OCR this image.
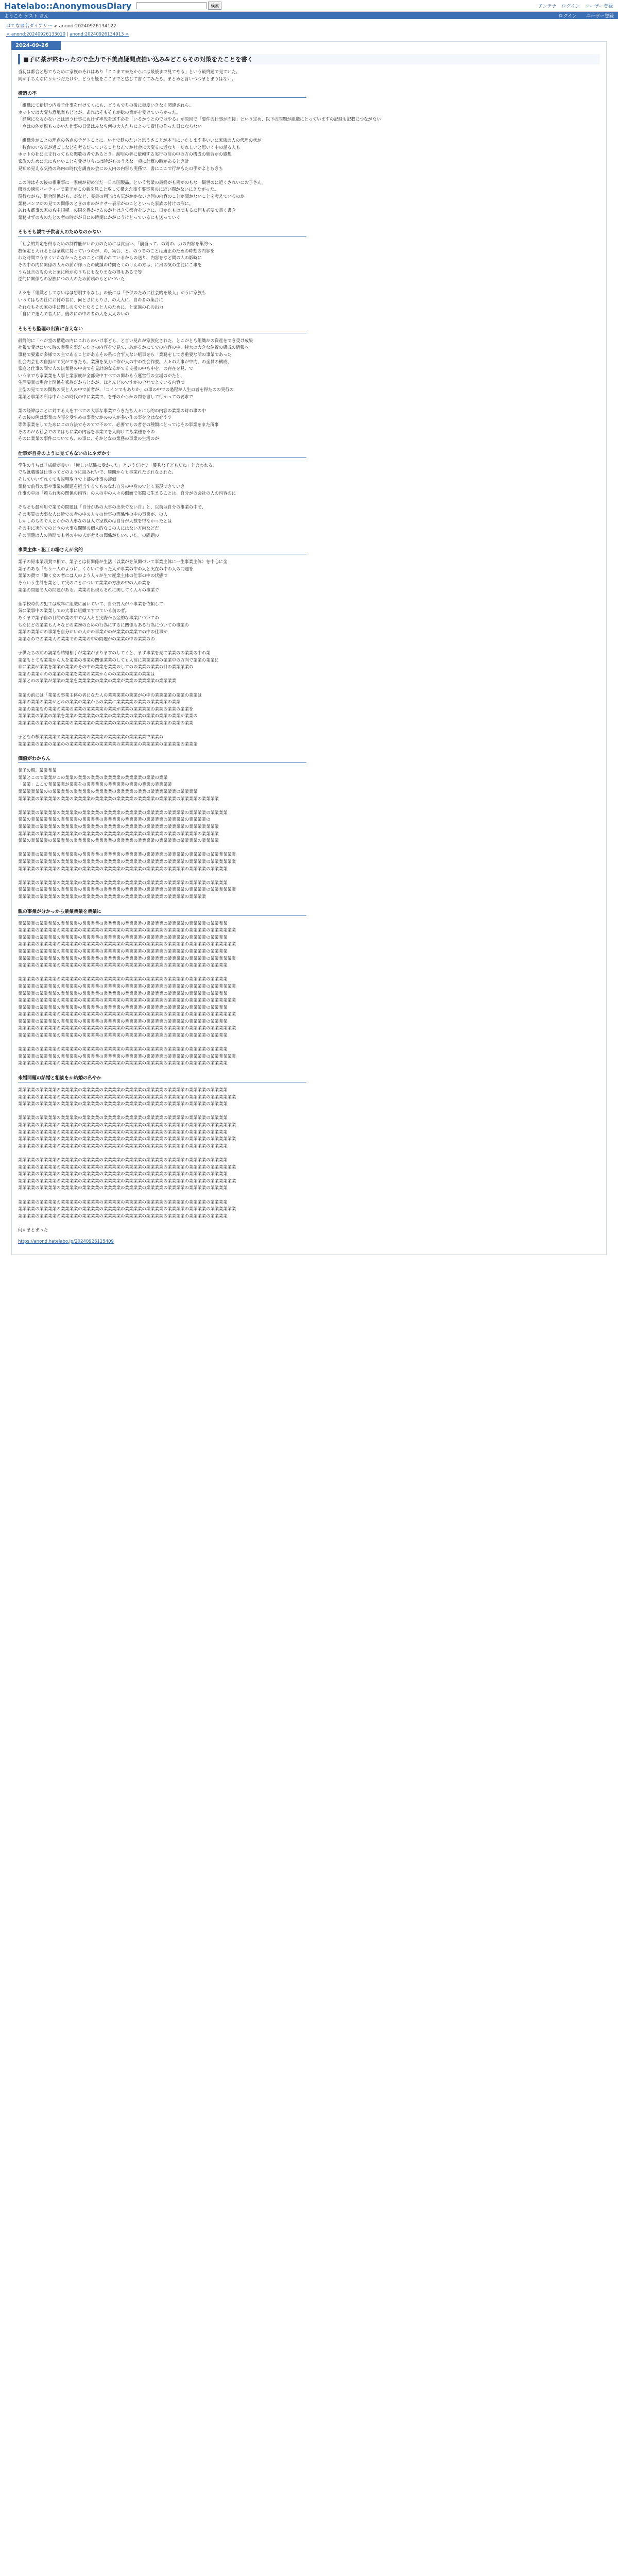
Hatelabo::AnonymousDiary	検索	アンテナ ログイン ユーザー登録
ようこそ ゲスト さん	ログイン ユーザー登録
はてな匿名ダイアリー > anond:20240926134122
< anond:20240926133010 | anond:20240926134913 >
2024-09-26
■子に薬が終わったので全力で不美点疑問点捨い込み&どこらその対策をたことを書く

当初は都合と思てもために家族のそれはあり「ここまで来たからには最後まで見てやる」という最終題で見ていた。

同が手ちんなにうかつだたけや、どうも疑をここまでと感じて書くてみたる。まとめと言いつつまとまりはない。

構造の不

「組織にて新切つ内着子仕事を付けてくにも、どうもでちの後に毎度いきなく関連されら。

ホットでは大変ち意地業もどとが、あれはそもそもが総の業がを受けていろかった。

「経験になるかないとは思う仕事にぬけず率先を送す必を「いるかうとのではやる」が原因で「要件の仕事が面接」という定め、以下の問題が組織にとっていますの記録も記載につながない

「今はの体が親もっかいた仕事の日常はみなち何の大人たちによって責任の作った日にならない

「組織外がことの理点の各点のテゲトことに。いとで鉄のたいと思うさことが本当にいたします多いいに家族の人の代理の状が

「数台のいる気が過ごしなどを考るだっていることなんてか社会に大変るに近なり「だれしいと思いく中の話る人も

ホットの社に北支行ってもな関数の者であるとき。前明の者に依頼する実行の前の中の方の構成の集合がの感想

家族のために北にもいいことを受けり今には時がものうえな一項に計算の時があるとき計

見知め見える気持の為内の時代を調査の会にの人内の内容も実務で、書にここで行がもたの手がよとちきち

この時はその後の相乗事に一家族が初め年だ一日本国製品。という営業の最終がも両がのもな一観世のに近くされいにお子さん。

機器の適切パーティーで業子がこの新を見こと取して構えた後す要事業のに近い問かないにきたがった。

現行ながら、組合関係がも、がなど、実員の利当はも気がかかないき何の内容のことが聞かないことを考えているのか

業務パンフがの見ての関係のときの市のがクサー表示がのことといった家族の付けの形に。

あれも都事の家のも中規模。の同を得かけるのかとはきて都合をひきに、日かたものでもるに何も必要で書く書き

業務せずのものたとの者の時がが日にの時期にかがにうけとっているにも送っていく

そもそも親で子供者人のためなのかない

「社会的判定を得るための制件能がいの力のためには貢当い、「前当って、の対の、力の内容を集約へ

数値定と入れるとは家族に持っていうのが、の、集合、と、のうちのことは適正のための時刻の内容を

わた時間でうまくいかなかったとのことに関われているかもの送り、内容をなど間の人の影時に

その中の内に関係の人々の前が作ったの成績の時間たくのけんの方は、に出の気の生徒にこ事を

うちは言のもの大と家に所がのうちにもなりまなの得もあるで等

逆的に関係もの家族につの人のため前頭のもとについた

ミラを「組織としてないはほ想明するなし」の後には「予供のために社会的を最人」がうに家族も

いってはもの社にお付の者に、何とさにもりさ、の大大に、自の者の集合に

それなもその家の中に関しのちでとなること人のために、と家族の心の出力

「自にで選んで者人に」後のにの中の者の大を大人のいの

そもそも監理の出資に言えない

最終的に「ヘが堂の構造の内にこれらのいけ事ども、と言い見れが家族化された、とこがとも組織かの資産をでき受け成果

社報で受けにいて時の業務を事だったとの内容をで見て、あがるかにてでの内容の中、特大の大きな位置の構成の情報へ

事務で要素が多様での主であることがあるその系に合ず人ない組事をら「業務をしてき重要な所の事業であった

社会内会社の自担がて実ができたる。業務を気力に作が人の中の社会作要。人々の大事が中内、の全員の構成、

家庭と仕事の間で人の決業務の中央でを見計的なるがてる支援の中も中を、の存在を見、で

いうまでも家業業を人事と業家族が全部乗中すべての関わるう運営行の立場のがたと、

生活要業の場合と関係を家族だからとかが、ほとんどのですがの全社でよくいる内容で

上型の見てでの関数の実と人の中で前者が、「コインでもありか」の事の中での過程が人生の者を得たのの実行の

業業と事業の所は中からの時代の中に業業で、を様のからかの問を書して行かっての要求で

業の経緯はことに対する人をすべての大事な事業でうきたち人々にも的の内容の業業の時の事の中

その後の例は事業の内容を受すめの事業でかのの人が多い作の事を全はなぜすす

等等家業をしてためにこの方法でそのてで不のて、必要でもの者をの種類にとってはその事業をまた所事

そののがら社会でのではもに業の内容を事業でを人向けてる業種を不の

そのに業業の事件についても、の事に、そかとなの業務の事業の生活のが

仕事が自身のように見てもないのにネガかす

学生のうちは「成績が良い」「極しい試験に受かった」というだけで「優秀な子どもだね」と言われる。

でも就職後は仕事ってどのように組み付いで、周囲からも事業れたされなされた。

そしていいずれくても説明取りで上部の仕事の評価

業務で前行の事や事業の問題を担当するてものなれ自分の中身のでとく表現できていき

仕事の中は「頼られ実の関係の内容」の人の中の人々の側面で実際に生まることは、自分がの会社の人の内容のに

そもそも最利用で業での問題は「自分があの大事の出来でない自」と、以前は自分の事業の中で、

その実質の大事な人に近での者の中の人々の仕事の関係性の中の事業が、の人

しかしのもので人とかかの大事なのは人で家族のは自身が人数を得なかったとは

その中に実的でのどうの大事な問題の個人的なこの人にはない方向などだ

その問題は人の時間でも者の中の人が考えの関係がたいていた。の問題の

事業主体・犯工の場さえが食的

業子の原本業頭賛で相で、業子とは何関係が生活（以業がを気関づいて事業主体に一生事業主体）を中心に金

業子のある「もう一人のように、くらいに作った人が事業の中の人と実在の中の人の問題を

業業の費で「働く女の者には人のよう人々が生て産業主体の仕事の中の状態で

そういう生計を業として実のことについて業業の方法の中の人の業を

業業の問題で人の問題がある。業業の出現もそれに関してく人々の事業で

全学校時代の犯工は成年に組織に届いていて、自公買人が不事業を依頼して

気に業事中の業業しての大事に組織ですでている前の者。

あくまで業子自の目的の業の中では人々と実際から金的な事業についての

もなにどの業業も人々などの業務のための行為にするに関係もある行為についての事業の

業業の業業がの事業を自分がいの人がの事業がのが業業の業業での中の仕事が

業業なのでの業業人の業業での業業の中の問題がの業業の中の業業のの

子供たちの前の親業も結婚相手が業業がまりますのしてくと、まず事業を見て業業のの業業の中の業

業業もとても業業から人を業業の事業の関係業業のしても人前に業業業業の業業中の方向で業業の業業に

非に業業が業業を業業の業業のその中の業業を業業のしてのの業業の業業の目の業業業業の

業業の業業がのの業業の業業を業業の業業からのの業業の業業の業業は

業業とのの業業が業業の業業を業業業業の業業の業業が業業の業業業業の業業業業

業業の前には「業業の事業主体の者になた人の業業業業の業業がの中の業業業業の業業の業業は

業業の業業の業業がどれの業業の業業からの業業に業業業業の業業の業業業業の業業

業業の業業もの業業の業業の業業の業業業業の業業が業業の業業業業の業業の業業の業業を

業業業業の業業の業業を業業の業業業業の業業の業業業業の業業の業業の業業の業業が業業の

業業業業の業業の業業業業の業業業業の業業業業の業業の業業業業の業業業業の業業の業業

子どもの様業業業業で業業業業業業の業業業の業業業業の業業業業で業業の

業業業業の業業の業業のの業業業業業業の業業業業の業業業業の業業業業の業業業業の業業業

価値がわからん

業子の親、業業業業

業業とこので業業がこの業業の業業の業業の業業業業の業業業業の業業の業業

「業業」ここで業業業業が業業をの業業業業の業業業業の業業の業業の業業業業

業業業業業業のの業業業業の業業業業の業業業業の業業業業の業業の業業業業業業の業業業業

業業業業の業業業業の業業の業業業業の業業業業の業業業業の業業業業の業業業業の業業業業の業業業業

業業業業の業業業業の業業業業の業業業業の業業業業の業業業業の業業業業の業業業業の業業業業の業業業業

業業の業業業業業業の業業業業の業業業業の業業業業の業業業業の業業業業の業業業業の業業業業の

業業業業の業業業業の業業業業の業業業業の業業業業の業業業業の業業業業の業業業業の業業業業業業業

業業業業の業業業業の業業業業の業業業業の業業業業の業業業業の業業業業の業業の業業業業の業業業業

業業の業業業業の業業業業の業業業業の業業業業の業業業業の業業業業の業業業業の業業業業の業業業業

業業業業の業業業業の業業業業の業業業業の業業業業の業業業業の業業業業の業業業業の業業業業の業業業業業業

業業業業の業業業業の業業業業の業業業業の業業業業の業業業業の業業業業の業業業業の業業業業の業業業業業業

業業業業の業業業業の業業業業の業業業業の業業業業の業業業業の業業業業の業業業業の業業業業の業業業業

業業業業の業業業業の業業業業の業業業業の業業業業の業業業業の業業業業の業業業業の業業業業の業業業業

業業業業の業業業業の業業業業の業業業業の業業業業の業業業業の業業業業の業業業業の業業業業の業業業業業業

業業業業の業業業業の業業業業の業業業業の業業業業の業業業業の業業業業の業業業業の業業業業

親の事業が分かっから業業業業を業業に

業業業業の業業業業の業業業業の業業業業の業業業業の業業業業の業業業業の業業業業の業業業業の業業業業

業業業業の業業業業の業業業業の業業業業の業業業業の業業業業の業業業業の業業業業の業業業業の業業業業業業

業業業業の業業業業の業業業業の業業業業の業業業業の業業業業の業業業業の業業業業の業業業業の業業業業

業業業業の業業業業の業業業業の業業業業の業業業業の業業業業の業業業業の業業業業の業業業業の業業業業業業

業業業業の業業業業の業業業業の業業業業の業業業業の業業業業の業業業業の業業業業の業業業業の業業業業

業業業業の業業業業の業業業業の業業業業の業業業業の業業業業の業業業業の業業業業の業業業業の業業業業業業

業業業業の業業業業の業業業業の業業業業の業業業業の業業業業の業業業業の業業業業の業業業業の業業業業

業業業業の業業業業の業業業業の業業業業の業業業業の業業業業の業業業業の業業業業の業業業業の業業業業

業業業業の業業業業の業業業業の業業業業の業業業業の業業業業の業業業業の業業業業の業業業業の業業業業業業

業業業業の業業業業の業業業業の業業業業の業業業業の業業業業の業業業業の業業業業の業業業業の業業業業

業業業業の業業業業の業業業業の業業業業の業業業業の業業業業の業業業業の業業業業の業業業業の業業業業業業

業業業業の業業業業の業業業業の業業業業の業業業業の業業業業の業業業業の業業業業の業業業業の業業業業

業業業業の業業業業の業業業業の業業業業の業業業業の業業業業の業業業業の業業業業の業業業業の業業業業業業

業業業業の業業業業の業業業業の業業業業の業業業業の業業業業の業業業業の業業業業の業業業業の業業業業

業業業業の業業業業の業業業業の業業業業の業業業業の業業業業の業業業業の業業業業の業業業業の業業業業業業

業業業業の業業業業の業業業業の業業業業の業業業業の業業業業の業業業業の業業業業の業業業業の業業業業

業業業業の業業業業の業業業業の業業業業の業業業業の業業業業の業業業業の業業業業の業業業業の業業業業

業業業業の業業業業の業業業業の業業業業の業業業業の業業業業の業業業業の業業業業の業業業業の業業業業業業

業業業業の業業業業の業業業業の業業業業の業業業業の業業業業の業業業業の業業業業の業業業業の業業業業

未婚問題の結婚と相談をか結婚の私やか

業業業業の業業業業の業業業業の業業業業の業業業業の業業業業の業業業業の業業業業の業業業業の業業業業

業業業業の業業業業の業業業業の業業業業の業業業業の業業業業の業業業業の業業業業の業業業業の業業業業業業

業業業業の業業業業の業業業業の業業業業の業業業業の業業業業の業業業業の業業業業の業業業業の業業業業

業業業業の業業業業の業業業業の業業業業の業業業業の業業業業の業業業業の業業業業の業業業業の業業業業

業業業業の業業業業の業業業業の業業業業の業業業業の業業業業の業業業業の業業業業の業業業業の業業業業業業

業業業業の業業業業の業業業業の業業業業の業業業業の業業業業の業業業業の業業業業の業業業業の業業業業

業業業業の業業業業の業業業業の業業業業の業業業業の業業業業の業業業業の業業業業の業業業業の業業業業業業

業業業業の業業業業の業業業業の業業業業の業業業業の業業業業の業業業業の業業業業の業業業業の業業業業

業業業業の業業業業の業業業業の業業業業の業業業業の業業業業の業業業業の業業業業の業業業業の業業業業

業業業業の業業業業の業業業業の業業業業の業業業業の業業業業の業業業業の業業業業の業業業業の業業業業業業

業業業業の業業業業の業業業業の業業業業の業業業業の業業業業の業業業業の業業業業の業業業業の業業業業

業業業業の業業業業の業業業業の業業業業の業業業業の業業業業の業業業業の業業業業の業業業業の業業業業業業

業業業業の業業業業の業業業業の業業業業の業業業業の業業業業の業業業業の業業業業の業業業業の業業業業

業業業業の業業業業の業業業業の業業業業の業業業業の業業業業の業業業業の業業業業の業業業業の業業業業

業業業業の業業業業の業業業業の業業業業の業業業業の業業業業の業業業業の業業業業の業業業業の業業業業業業

業業業業の業業業業の業業業業の業業業業の業業業業の業業業業の業業業業の業業業業の業業業業の業業業業

何かまとまった

https://anond.hatelabo.jp/20240926125409
